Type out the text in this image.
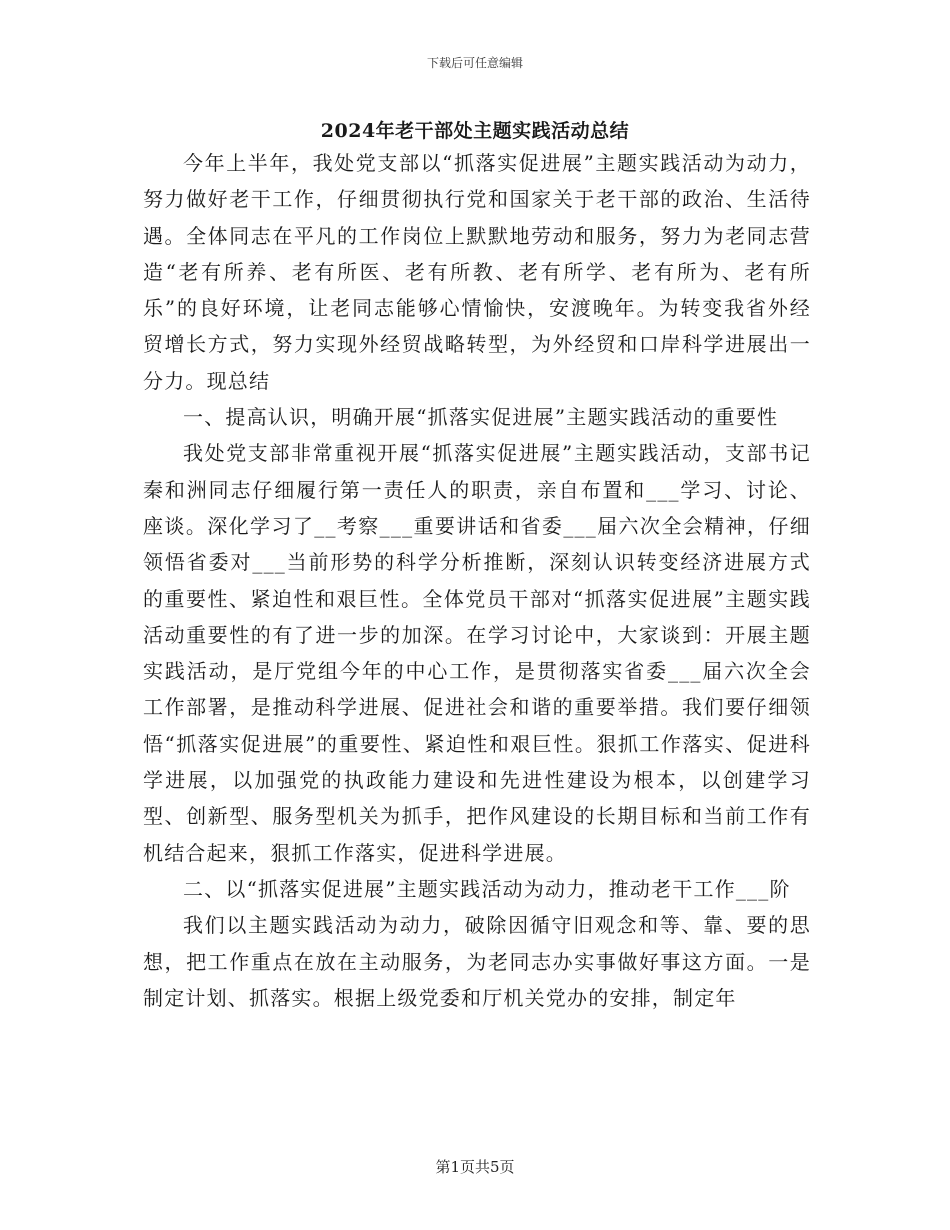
下载后可任意编辑
2024年老干部处主题实践活动总结

今年上半年，我处党支部以“抓落实促进展”主题实践活动为动力，努力做好老干工作，仔细贯彻执行党和国家关于老干部的政治、生活待遇。全体同志在平凡的工作岗位上默默地劳动和服务，努力为老同志营造“老有所养、老有所医、老有所教、老有所学、老有所为、老有所乐”的良好环境，让老同志能够心情愉快，安渡晚年。为转变我省外经贸增长方式，努力实现外经贸战略转型，为外经贸和口岸科学进展出一分力。现总结

一、提高认识，明确开展“抓落实促进展”主题实践活动的重要性

我处党支部非常重视开展“抓落实促进展”主题实践活动，支部书记秦和洲同志仔细履行第一责任人的职责，亲自布置和___学习、讨论、座谈。深化学习了__考察___重要讲话和省委___届六次全会精神，仔细领悟省委对___当前形势的科学分析推断，深刻认识转变经济进展方式的重要性、紧迫性和艰巨性。全体党员干部对“抓落实促进展”主题实践活动重要性的有了进一步的加深。在学习讨论中，大家谈到：开展主题实践活动，是厅党组今年的中心工作，是贯彻落实省委___届六次全会工作部署，是推动科学进展、促进社会和谐的重要举措。我们要仔细领悟“抓落实促进展”的重要性、紧迫性和艰巨性。狠抓工作落实、促进科学进展，以加强党的执政能力建设和先进性建设为根本，以创建学习型、创新型、服务型机关为抓手，把作风建设的长期目标和当前工作有机结合起来，狠抓工作落实，促进科学进展。

二、以“抓落实促进展”主题实践活动为动力，推动老干工作___阶

我们以主题实践活动为动力，破除因循守旧观念和等、靠、要的思想，把工作重点在放在主动服务，为老同志办实事做好事这方面。一是制定计划、抓落实。根据上级党委和厅机关党办的安排，制定年

第1页共5页
